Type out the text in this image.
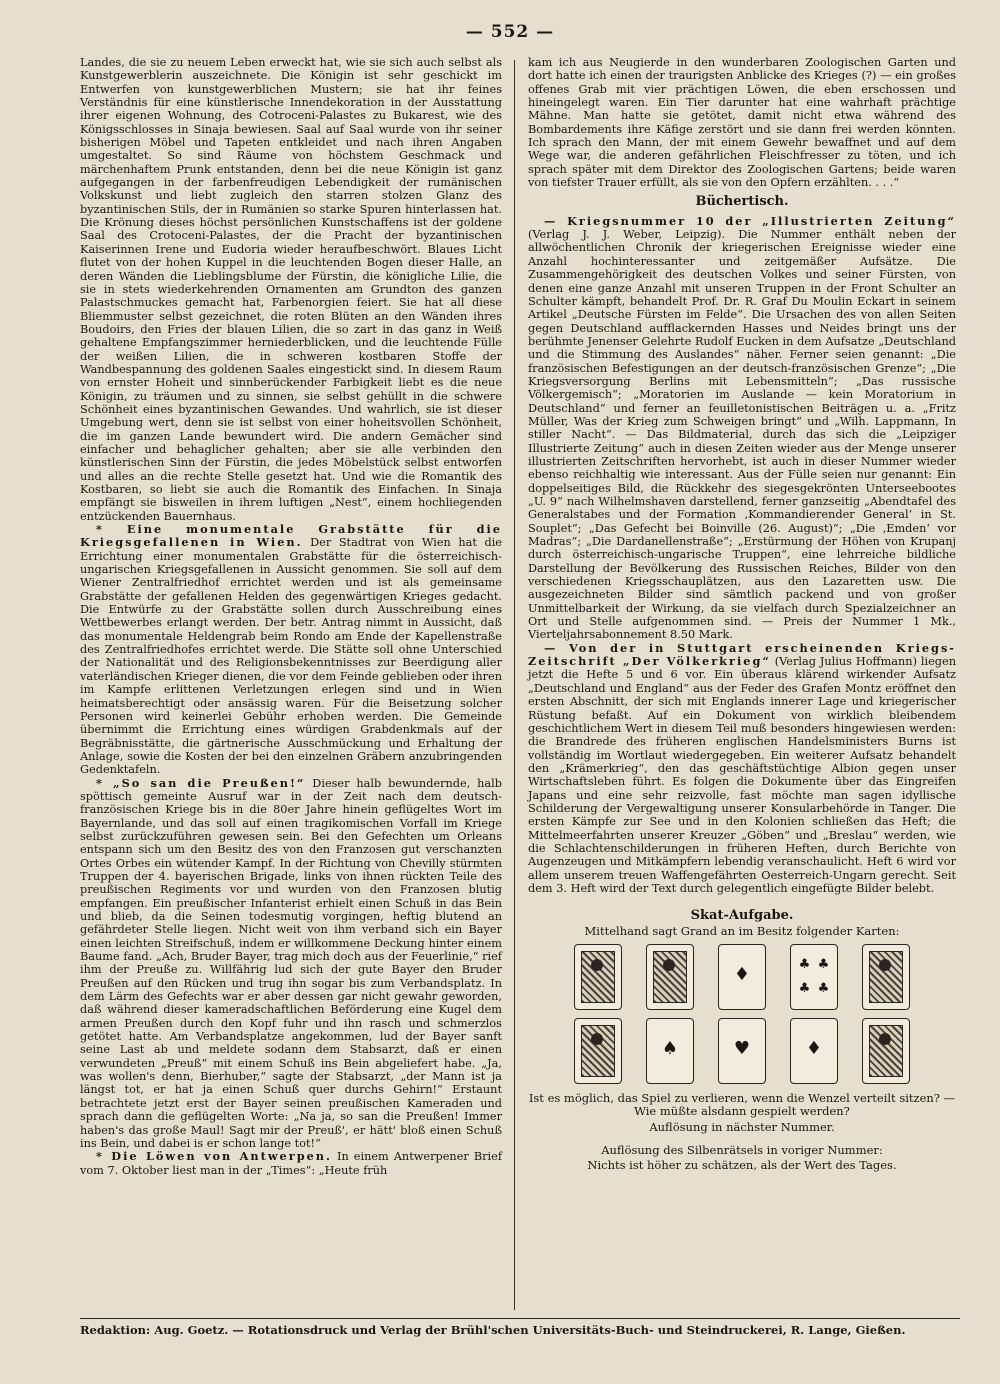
— 552 —

Landes, die sie zu neuem Leben erweckt hat, wie sie sich auch selbst als Kunstgewerblerin auszeichnete. Die Königin ist sehr geschickt im Entwerfen von kunstgewerblichen Mustern; sie hat ihr feines Verständnis für eine künstlerische Innendekoration in der Ausstattung ihrer eigenen Wohnung, des Cotroceni-Palastes zu Bukarest, wie des Königsschlosses in Sinaja bewiesen. Saal auf Saal wurde von ihr seiner bisherigen Möbel und Tapeten entkleidet und nach ihren Angaben umgestaltet. So sind Räume von höchstem Geschmack und märchenhaftem Prunk entstanden, denn bei die neue Königin ist ganz aufgegangen in der farbenfreudigen Lebendigkeit der rumänischen Volkskunst und liebt zugleich den starren stolzen Glanz des byzantinischen Stils, der in Rumänien so starke Spuren hinterlassen hat. Die Krönung dieses höchst persönlichen Kunstschaffens ist der goldene Saal des Crotoceni-Palastes, der die Pracht der byzantinischen Kaiserinnen Irene und Eudoria wieder heraufbeschwört. Blaues Licht flutet von der hohen Kuppel in die leuchtenden Bogen dieser Halle, an deren Wänden die Lieblingsblume der Fürstin, die königliche Lilie, die sie in stets wiederkehrenden Ornamenten am Grundton des ganzen Palastschmuckes gemacht hat, Farbenorgien feiert. Sie hat all diese Bliemmuster selbst gezeichnet, die roten Blüten an den Wänden ihres Boudoirs, den Fries der blauen Lilien, die so zart in das ganz in Weiß gehaltene Empfangszimmer herniederblicken, und die leuchtende Fülle der weißen Lilien, die in schweren kostbaren Stoffe der Wandbespannung des goldenen Saales eingestickt sind. In diesem Raum von ernster Hoheit und sinnberückender Farbigkeit liebt es die neue Königin, zu träumen und zu sinnen, sie selbst gehüllt in die schwere Schönheit eines byzantinischen Gewandes. Und wahrlich, sie ist dieser Umgebung wert, denn sie ist selbst von einer hoheitsvollen Schönheit, die im ganzen Lande bewundert wird. Die andern Gemächer sind einfacher und behaglicher gehalten; aber sie alle verbinden den künstlerischen Sinn der Fürstin, die jedes Möbelstück selbst entworfen und alles an die rechte Stelle gesetzt hat. Und wie die Romantik des Kostbaren, so liebt sie auch die Romantik des Einfachen. In Sinaja empfängt sie bisweilen in ihrem luftigen „Nest“, einem hochliegenden entzückenden Bauernhaus.

* Eine monumentale Grabstätte für die Kriegsgefallenen in Wien. Der Stadtrat von Wien hat die Errichtung einer monumentalen Grabstätte für die österreichisch-ungarischen Kriegsgefallenen in Aussicht genommen. Sie soll auf dem Wiener Zentralfriedhof errichtet werden und ist als gemeinsame Grabstätte der gefallenen Helden des gegenwärtigen Krieges gedacht. Die Entwürfe zu der Grabstätte sollen durch Ausschreibung eines Wettbewerbes erlangt werden. Der betr. Antrag nimmt in Aussicht, daß das monumentale Heldengrab beim Rondo am Ende der Kapellenstraße des Zentralfriedhofes errichtet werde. Die Stätte soll ohne Unterschied der Nationalität und des Religionsbekenntnisses zur Beerdigung aller vaterländischen Krieger dienen, die vor dem Feinde geblieben oder ihren im Kampfe erlittenen Verletzungen erlegen sind und in Wien heimatsberechtigt oder ansässig waren. Für die Beisetzung solcher Personen wird keinerlei Gebühr erhoben werden. Die Gemeinde übernimmt die Errichtung eines würdigen Grabdenkmals auf der Begräbnisstätte, die gärtnerische Ausschmückung und Erhaltung der Anlage, sowie die Kosten der bei den einzelnen Gräbern anzubringenden Gedenktafeln.

* „So san die Preußen!“ Dieser halb bewundernde, halb spöttisch gemeinte Ausruf war in der Zeit nach dem deutsch-französischen Kriege bis in die 80er Jahre hinein geflügeltes Wort im Bayernlande, und das soll auf einen tragikomischen Vorfall im Kriege selbst zurückzuführen gewesen sein. Bei den Gefechten um Orleans entspann sich um den Besitz des von den Franzosen gut verschanzten Ortes Orbes ein wütender Kampf. In der Richtung von Chevilly stürmten Truppen der 4. bayerischen Brigade, links von ihnen rückten Teile des preußischen Regiments vor und wurden von den Franzosen blutig empfangen. Ein preußischer Infanterist erhielt einen Schuß in das Bein und blieb, da die Seinen todesmutig vorgingen, heftig blutend an gefährdeter Stelle liegen. Nicht weit von ihm verband sich ein Bayer einen leichten Streifschuß, indem er willkommene Deckung hinter einem Baume fand. „Ach, Bruder Bayer, trag mich doch aus der Feuerlinie,“ rief ihm der Preuße zu. Willfährig lud sich der gute Bayer den Bruder Preußen auf den Rücken und trug ihn sogar bis zum Verbandsplatz. In dem Lärm des Gefechts war er aber dessen gar nicht gewahr geworden, daß während dieser kameradschaftlichen Beförderung eine Kugel dem armen Preußen durch den Kopf fuhr und ihn rasch und schmerzlos getötet hatte. Am Verbandsplatze angekommen, lud der Bayer sanft seine Last ab und meldete sodann dem Stabsarzt, daß er einen verwundeten „Preuß“ mit einem Schuß ins Bein abgeliefert habe. „Ja, was wollen's denn, Bierhuber,“ sagte der Stabsarzt, „der Mann ist ja längst tot, er hat ja einen Schuß quer durchs Gehirn!“ Erstaunt betrachtete jetzt erst der Bayer seinen preußischen Kameraden und sprach dann die geflügelten Worte: „Na ja, so san die Preußen! Immer haben's das große Maul! Sagt mir der Preuß', er hätt' bloß einen Schuß ins Bein, und dabei is er schon lange tot!“

* Die Löwen von Antwerpen. In einem Antwerpener Brief vom 7. Oktober liest man in der „Times“: „Heute früh

kam ich aus Neugierde in den wunderbaren Zoologischen Garten und dort hatte ich einen der traurigsten Anblicke des Krieges (?) — ein großes offenes Grab mit vier prächtigen Löwen, die eben erschossen und hineingelegt waren. Ein Tier darunter hat eine wahrhaft prächtige Mähne. Man hatte sie getötet, damit nicht etwa während des Bombardements ihre Käfige zerstört und sie dann frei werden könnten. Ich sprach den Mann, der mit einem Gewehr bewaffnet und auf dem Wege war, die anderen gefährlichen Fleischfresser zu töten, und ich sprach später mit dem Direktor des Zoologischen Gartens; beide waren von tiefster Trauer erfüllt, als sie von den Opfern erzählten. . . .“

Büchertisch.

— Kriegsnummer 10 der „Illustrierten Zeitung“ (Verlag J. J. Weber, Leipzig). Die Nummer enthält neben der allwöchentlichen Chronik der kriegerischen Ereignisse wieder eine Anzahl hochinteressanter und zeitgemäßer Aufsätze. Die Zusammengehörigkeit des deutschen Volkes und seiner Fürsten, von denen eine ganze Anzahl mit unseren Truppen in der Front Schulter an Schulter kämpft, behandelt Prof. Dr. R. Graf Du Moulin Eckart in seinem Artikel „Deutsche Fürsten im Felde“. Die Ursachen des von allen Seiten gegen Deutschland aufflackernden Hasses und Neides bringt uns der berühmte Jenenser Gelehrte Rudolf Eucken in dem Aufsatze „Deutschland und die Stimmung des Auslandes“ näher. Ferner seien genannt: „Die französischen Befestigungen an der deutsch-französischen Grenze“; „Die Kriegsversorgung Berlins mit Lebensmitteln“; „Das russische Völkergemisch“; „Moratorien im Auslande — kein Moratorium in Deutschland“ und ferner an feuilletonistischen Beiträgen u. a. „Fritz Müller, Was der Krieg zum Schweigen bringt“ und „Wilh. Lappmann, In stiller Nacht“. — Das Bildmaterial, durch das sich die „Leipziger Illustrierte Zeitung“ auch in diesen Zeiten wieder aus der Menge unserer illustrierten Zeitschriften hervorhebt, ist auch in dieser Nummer wieder ebenso reichhaltig wie interessant. Aus der Fülle seien nur genannt: Ein doppelseitiges Bild, die Rückkehr des siegesgekrönten Unterseebootes „U. 9“ nach Wilhelmshaven darstellend, ferner ganzseitig „Abendtafel des Generalstabes und der Formation ‚Kommandierender General‘ in St. Souplet“; „Das Gefecht bei Boinville (26. August)“; „Die ‚Emden‘ vor Madras“; „Die Dardanellenstraße“; „Erstürmung der Höhen von Krupanj durch österreichisch-ungarische Truppen“, eine lehrreiche bildliche Darstellung der Bevölkerung des Russischen Reiches, Bilder von den verschiedenen Kriegsschauplätzen, aus den Lazaretten usw. Die ausgezeichneten Bilder sind sämtlich packend und von großer Unmittelbarkeit der Wirkung, da sie vielfach durch Spezialzeichner an Ort und Stelle aufgenommen sind. — Preis der Nummer 1 Mk., Vierteljahrsabonnement 8.50 Mark.

— Von der in Stuttgart erscheinenden Kriegs-Zeitschrift „Der Völkerkrieg“ (Verlag Julius Hoffmann) liegen jetzt die Hefte 5 und 6 vor. Ein überaus klärend wirkender Aufsatz „Deutschland und England“ aus der Feder des Grafen Montz eröffnet den ersten Abschnitt, der sich mit Englands innerer Lage und kriegerischer Rüstung befaßt. Auf ein Dokument von wirklich bleibendem geschichtlichem Wert in diesem Teil muß besonders hingewiesen werden: die Brandrede des früheren englischen Handelsministers Burns ist vollständig im Wortlaut wiedergegeben. Ein weiterer Aufsatz behandelt den „Krämerkrieg“, den das geschäftstüchtige Albion gegen unser Wirtschaftsleben führt. Es folgen die Dokumente über das Eingreifen Japans und eine sehr reizvolle, fast möchte man sagen idyllische Schilderung der Vergewaltigung unserer Konsularbehörde in Tanger. Die ersten Kämpfe zur See und in den Kolonien schließen das Heft; die Mittelmeerfahrten unserer Kreuzer „Göben“ und „Breslau“ werden, wie die Schlachtenschilderungen in früheren Heften, durch Berichte von Augenzeugen und Mitkämpfern lebendig veranschaulicht. Heft 6 wird vor allem unserem treuen Waffengefährten Oesterreich-Ungarn gerecht. Seit dem 3. Heft wird der Text durch gelegentlich eingefügte Bilder belebt.

Skat-Aufgabe.
Mittelhand sagt Grand an im Besitz folgender Karten:
♦	♣ ♣
♣ ♣
♠	♥	♦
Ist es möglich, das Spiel zu verlieren, wenn die Wenzel verteilt sitzen? — Wie müßte alsdann gespielt werden?
Auflösung in nächster Nummer.
Auflösung des Silbenrätsels in voriger Nummer:
Nichts ist höher zu schätzen, als der Wert des Tages.
Redaktion: Aug. Goetz. — Rotationsdruck und Verlag der Brühl'schen Universitäts-Buch- und Steindruckerei, R. Lange, Gießen.
